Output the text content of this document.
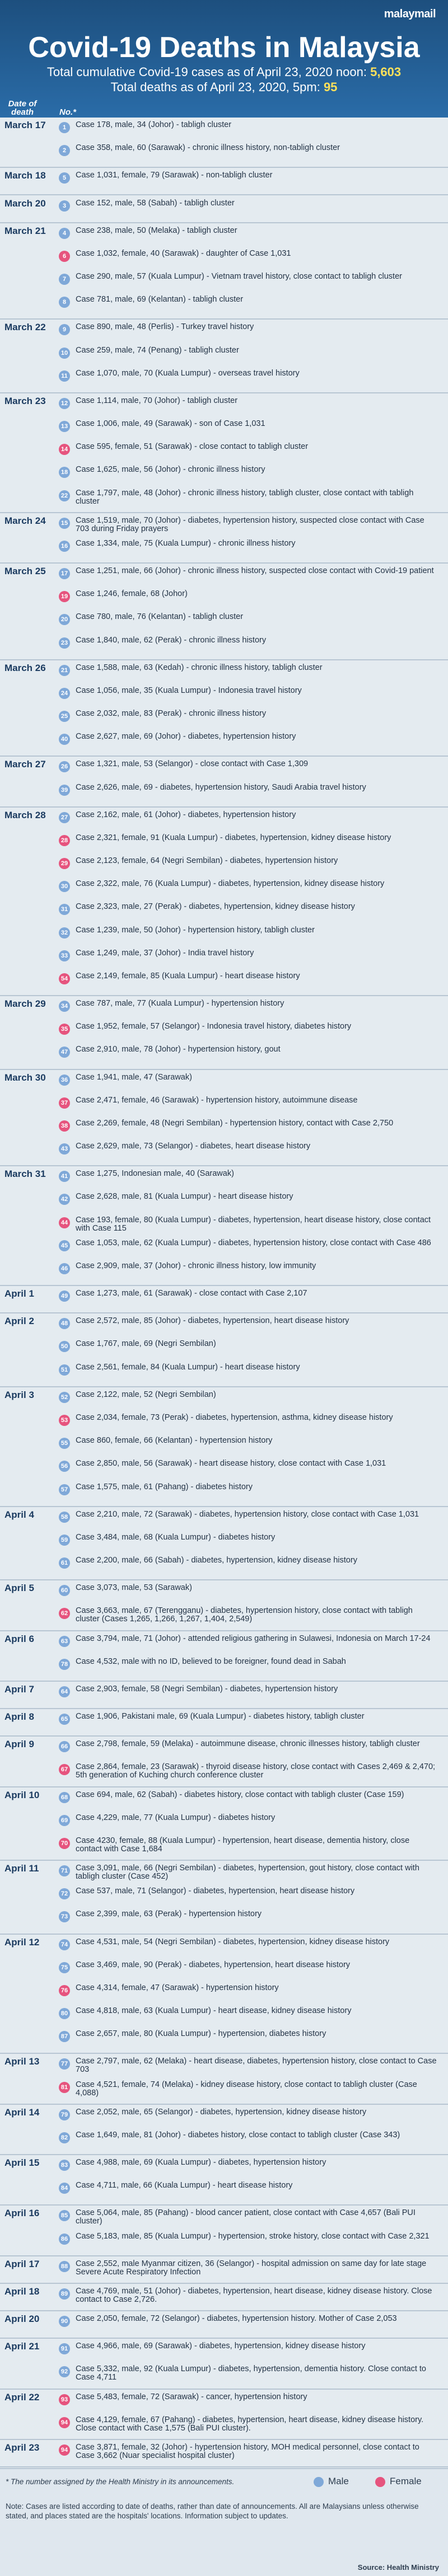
malaymail
Covid-19 Deaths in Malaysia
Total cumulative Covid-19 cases as of April 23, 2020 noon: 5,603
Total deaths as of April 23, 2020, 5pm: 95
Date of death	No.*
March 17	1	Case 178, male, 34 (Johor) - tabligh cluster
2	Case 358, male, 60 (Sarawak) - chronic illness history, non-tabligh cluster
March 18	5	Case 1,031, female, 79 (Sarawak) - non-tabligh cluster
March 20	3	Case 152, male, 58 (Sabah) - tabligh cluster
March 21	4	Case 238, male, 50 (Melaka) - tabligh cluster
6	Case 1,032, female, 40 (Sarawak) - daughter of Case 1,031
7	Case 290, male, 57 (Kuala Lumpur) - Vietnam travel history, close contact to tabligh cluster
8	Case 781, male, 69 (Kelantan) - tabligh cluster
March 22	9	Case 890, male, 48 (Perlis) - Turkey travel history
10 Case 259, male, 74 (Penang) - tabligh cluster
11 Case 1,070, male, 70 (Kuala Lumpur) - overseas travel history
March 23	12 Case 1,114, male, 70 (Johor) - tabligh cluster
13 Case 1,006, male, 49 (Sarawak) - son of Case 1,031
14 Case 595, female, 51 (Sarawak) - close contact to tabligh cluster
18 Case 1,625, male, 56 (Johor) - chronic illness history
22 Case 1,797, male, 48 (Johor) - chronic illness history, tabligh cluster, close contact with tabligh cluster
March 24	15 Case 1,519, male, 70 (Johor) - diabetes, hypertension history, suspected close contact with Case 703 during Friday prayers
16 Case 1,334, male, 75 (Kuala Lumpur) - chronic illness history
March 25	17 Case 1,251, male, 66 (Johor) - chronic illness history, suspected close contact with Covid-19 patient
19 Case 1,246, female, 68 (Johor)
20 Case 780, male, 76 (Kelantan) - tabligh cluster
23 Case 1,840, male, 62 (Perak) - chronic illness history
March 26	21 Case 1,588, male, 63 (Kedah) - chronic illness history, tabligh cluster
24 Case 1,056, male, 35 (Kuala Lumpur) - Indonesia travel history
25 Case 2,032, male, 83 (Perak) - chronic illness history
40 Case 2,627, male, 69 (Johor) - diabetes, hypertension history
March 27	26 Case 1,321, male, 53 (Selangor) - close contact with Case 1,309
39 Case 2,626, male, 69 - diabetes, hypertension history, Saudi Arabia travel history
March 28	27 Case 2,162, male, 61 (Johor) - diabetes, hypertension history
28 Case 2,321, female, 91 (Kuala Lumpur) - diabetes, hypertension, kidney disease history
29 Case 2,123, female, 64 (Negri Sembilan) - diabetes, hypertension history
30 Case 2,322, male, 76 (Kuala Lumpur) - diabetes, hypertension, kidney disease history
31 Case 2,323, male, 27 (Perak) - diabetes, hypertension, kidney disease history
32 Case 1,239, male, 50 (Johor) - hypertension history, tabligh cluster
33 Case 1,249, male, 37 (Johor) - India travel history
54 Case 2,149, female, 85 (Kuala Lumpur) - heart disease history
March 29	34 Case 787, male, 77 (Kuala Lumpur) - hypertension history
35 Case 1,952, female, 57 (Selangor) - Indonesia travel history, diabetes history
47 Case 2,910, male, 78 (Johor) - hypertension history, gout
March 30	36 Case 1,941, male, 47 (Sarawak)
37 Case 2,471, female, 46 (Sarawak) - hypertension history, autoimmune disease
38 Case 2,269, female, 48 (Negri Sembilan) - hypertension history, contact with Case 2,750
43 Case 2,629, male, 73 (Selangor) - diabetes, heart disease history
March 31	41 Case 1,275, Indonesian male, 40 (Sarawak)
42 Case 2,628, male, 81 (Kuala Lumpur) - heart disease history
44 Case 193, female, 80 (Kuala Lumpur) - diabetes, hypertension, heart disease history, close contact with Case 115
45 Case 1,053, male, 62 (Kuala Lumpur) - diabetes, hypertension history, close contact with Case 486
46 Case 2,909, male, 37 (Johor) - chronic illness history, low immunity
April 1	49 Case 1,273, male, 61 (Sarawak) - close contact with Case 2,107
April 2	48 Case 2,572, male, 85 (Johor) - diabetes, hypertension, heart disease history
50 Case 1,767, male, 69 (Negri Sembilan)
51 Case 2,561, female, 84 (Kuala Lumpur) - heart disease history
April 3	52 Case 2,122, male, 52 (Negri Sembilan)
53 Case 2,034, female, 73 (Perak) - diabetes, hypertension, asthma, kidney disease history
55 Case 860, female, 66 (Kelantan) - hypertension history
56 Case 2,850, male, 56 (Sarawak) - heart disease history, close contact with Case 1,031
57 Case 1,575, male, 61 (Pahang) - diabetes history
April 4	58 Case 2,210, male, 72 (Sarawak) - diabetes, hypertension history, close contact with Case 1,031
59 Case 3,484, male, 68 (Kuala Lumpur) - diabetes history
61 Case 2,200, male, 66 (Sabah) - diabetes, hypertension, kidney disease history
April 5	60 Case 3,073, male, 53 (Sarawak)
62 Case 3,663, male, 67 (Terengganu) - diabetes, hypertension history, close contact with tabligh cluster (Cases 1,265, 1,266, 1,267, 1,404, 2,549)
April 6	63 Case 3,794, male, 71 (Johor) - attended religious gathering in Sulawesi, Indonesia on March 17-24
78 Case 4,532, male with no ID, believed to be foreigner, found dead in Sabah
April 7	64 Case 2,903, female, 58 (Negri Sembilan) - diabetes, hypertension history
April 8	65 Case 1,906, Pakistani male, 69 (Kuala Lumpur) - diabetes history, tabligh cluster
April 9	66 Case 2,798, female, 59 (Melaka) - autoimmune disease, chronic illnesses history, tabligh cluster
67 Case 2,864, female, 23 (Sarawak) - thyroid disease history, close contact with Cases 2,469 & 2,470; 5th generation of Kuching church conference cluster
April 10	68 Case 694, male, 62 (Sabah) - diabetes history, close contact with tabligh cluster (Case 159)
69 Case 4,229, male, 77 (Kuala Lumpur) - diabetes history
70 Case 4230, female, 88 (Kuala Lumpur) - hypertension, heart disease, dementia history, close contact with Case 1,684
April 11	71 Case 3,091, male, 66 (Negri Sembilan) - diabetes, hypertension, gout history, close contact with tabligh cluster (Case 452)
72 Case 537, male, 71 (Selangor) - diabetes, hypertension, heart disease history
73 Case 2,399, male, 63 (Perak) - hypertension history
April 12	74 Case 4,531, male, 54 (Negri Sembilan) - diabetes, hypertension, kidney disease history
75 Case 3,469, male, 90 (Perak) - diabetes, hypertension, heart disease history
76 Case 4,314, female, 47 (Sarawak) - hypertension history
80 Case 4,818, male, 63 (Kuala Lumpur) - heart disease, kidney disease history
87 Case 2,657, male, 80 (Kuala Lumpur) - hypertension, diabetes history
April 13	77 Case 2,797, male, 62 (Melaka) - heart disease, diabetes, hypertension history, close contact to Case 703
81 Case 4,521, female, 74 (Melaka) - kidney disease history, close contact to tabligh cluster (Case 4,088)
April 14	79 Case 2,052, male, 65 (Selangor) - diabetes, hypertension, kidney disease history
82 Case 1,649, male, 81 (Johor) - diabetes history, close contact to tabligh cluster (Case 343)
April 15	83 Case 4,988, male, 69 (Kuala Lumpur) - diabetes, hypertension history
84 Case 4,711, male, 66 (Kuala Lumpur) - heart disease history
April 16	85 Case 5,064, male, 85 (Pahang) - blood cancer patient, close contact with Case 4,657 (Bali PUI cluster)
86 Case 5,183, male, 85 (Kuala Lumpur) - hypertension, stroke history, close contact with Case 2,321
April 17	88 Case 2,552, male Myanmar citizen, 36 (Selangor) - hospital admission on same day for late stage Severe Acute Respiratory Infection
April 18	89 Case 4,769, male, 51 (Johor) - diabetes, hypertension, heart disease, kidney disease history. Close contact to Case 2,726.
April 20	90 Case 2,050, female, 72 (Selangor) - diabetes, hypertension history. Mother of Case 2,053
April 21	91 Case 4,966, male, 69 (Sarawak) - diabetes, hypertension, kidney disease history
92 Case 5,332, male, 92 (Kuala Lumpur) - diabetes, hypertension, dementia history. Close contact to Case 4,711
April 22	93 Case 5,483, female, 72 (Sarawak) - cancer, hypertension history
94 Case 4,129, female, 67 (Pahang) - diabetes, hypertension, heart disease, kidney disease history. Close contact with Case 1,575 (Bali PUI cluster).
April 23	94 Case 3,871, female, 32 (Johor) - hypertension history, MOH medical personnel, close contact to Case 3,662 (Nuar specialist hospital cluster)
* The number assigned by the Health Ministry in its announcements.	Male	Female
Note: Cases are listed according to date of deaths, rather than date of announcements. All are Malaysians unless otherwise stated, and places stated are the hospitals' locations. Information subject to updates.
Source: Health Ministry
